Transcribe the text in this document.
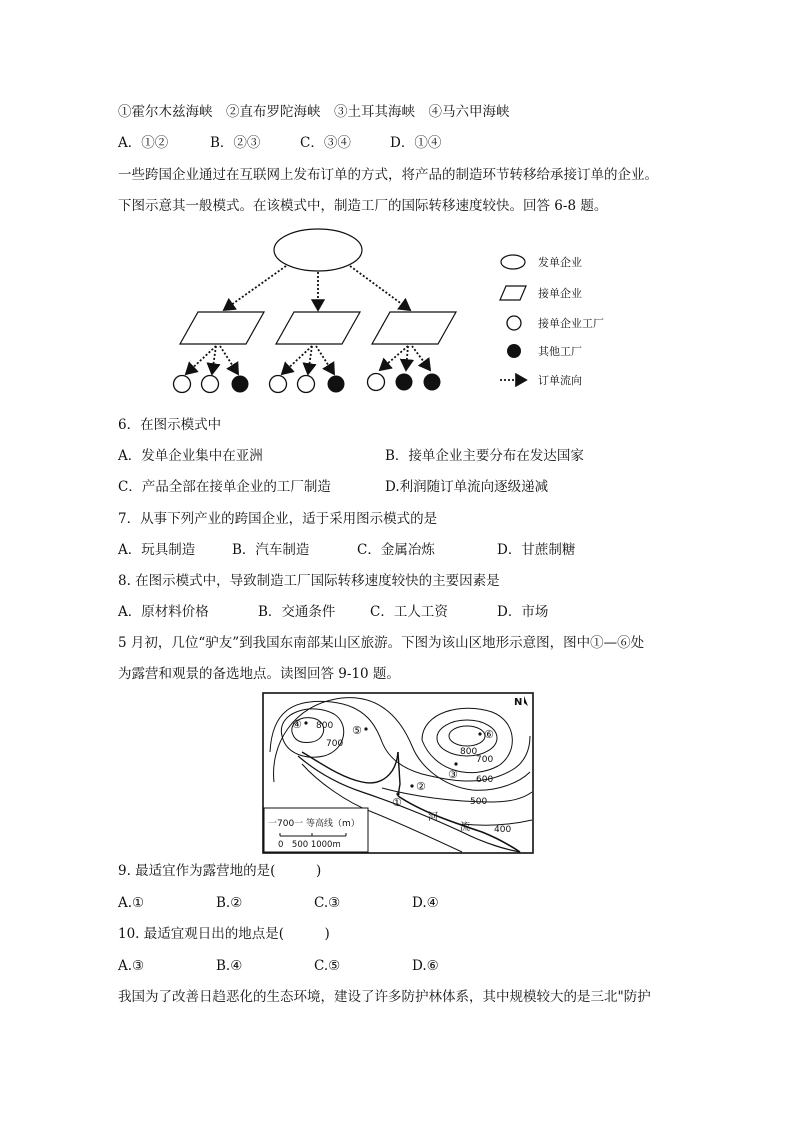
①霍尔木兹海峡　②直布罗陀海峡　③土耳其海峡　④马六甲海峡
A．①②	B．②③	C．③④	D．①④
一些跨国企业通过在互联网上发布订单的方式，将产品的制造环节转移给承接订单的企业。
下图示意其一般模式。在该模式中，制造工厂的国际转移速度较快。回答 6-8 题。
发单企业
接单企业
接单企业工厂
其他工厂
订单流向
6．在图示模式中
A．发单企业集中在亚洲	B．接单企业主要分布在发达国家
C．产品全部在接单企业的工厂制造	D.利润随订单流向逐级递减
7．从事下列产业的跨国企业，适于采用图示模式的是
A．玩具制造	B．汽车制造	C．金属冶炼	D．甘蔗制糖
8. 在图示模式中，导致制造工厂国际转移速度较快的主要因素是
A．原材料价格	B．交通条件	C．工人工资	D．市场
5 月初，几位“驴友”到我国东南部某山区旅游。下图为该山区地形示意图，图中①—⑥处
为露营和观景的备选地点。读图回答 9-10 题。
N
800
700
800
700
600
500
400
④	⑤	⑥
③
②
①
河
流
一700一 等高线（m）
0　500 1000m
9. 最适宜作为露营地的是(　　　)
A.①	B.②	C.③	D.④
10. 最适宜观日出的地点是(　　　)
A.③	B.④	C.⑤	D.⑥
我国为了改善日趋恶化的生态环境，建设了许多防护林体系，其中规模较大的是三北"防护
